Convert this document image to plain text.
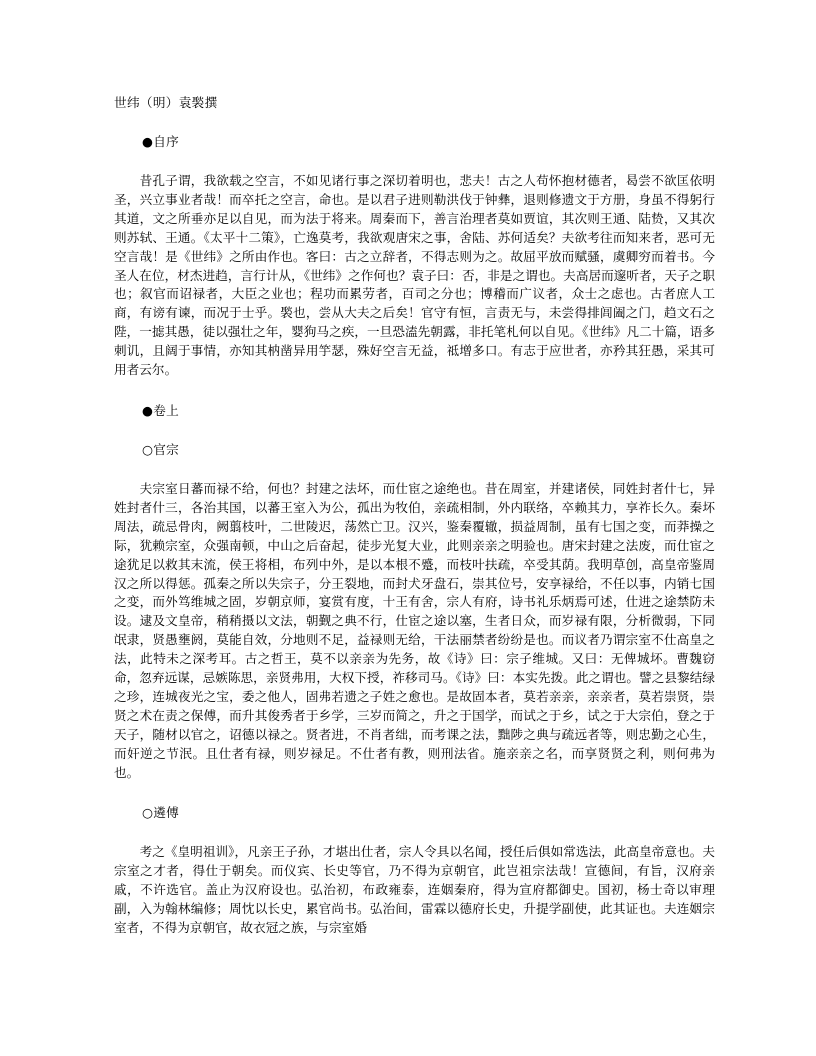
世纬（明）袁褧撰
●自序

昔孔子谓，我欲载之空言，不如见诸行事之深切着明也，悲夫！古之人苟怀抱材德者，曷尝不欲匡依明圣，兴立事业者哉！而卒托之空言，命也。是以君子进则勒洪伐于钟彝，退则修遗文于方册，身虽不得躬行其道，文之所垂亦足以自见，而为法于将来。周秦而下，善言治理者莫如贾谊，其次则王通、陆贽，又其次则苏轼、王通。《太平十二策》，亡逸莫考，我欲观唐宋之事，舍陆、苏何适矣？夫欲考往而知来者，恶可无空言哉！是《世纬》之所由作也。客曰：古之立辞者，不得志则为之。故屈平放而赋骚，虞卿穷而着书。今圣人在位，材杰进趋，言行计从，《世纬》之作何也？袁子曰：否，非是之谓也。夫高居而邃听者，天子之职也；叙官而诏禄者，大臣之业也；程功而累劳者，百司之分也；博稽而广议者，众士之虑也。古者庶人工商，有谤有谏，而况于士乎。褧也，尝从大夫之后矣！官守有恒，言责无与，未尝得排闾阖之门，趋文石之陛，一摅其愚，徒以强壮之年，婴狗马之疾，一旦恐溘先朝露，非托笔札何以自见。《世纬》凡二十篇，语多刺讥，且阔于事情，亦知其枘凿异用竽瑟，殊好空言无益，祗增多口。有志于应世者，亦矜其狂愚，采其可用者云尔。

●卷上
○官宗

夫宗室日蕃而禄不给，何也？封建之法坏，而仕宦之途绝也。昔在周室，并建诸侯，同姓封者什七，异姓封者什三，各治其国，以蕃王室入为公，孤出为牧伯，亲疏相制，外内联络，卒赖其力，享祚长久。秦坏周法，疏忌骨肉，阙翦枝叶，二世陵迟，荡然亡卫。汉兴，鉴秦覆辙，损益周制，虽有七国之变，而莽操之际，犹赖宗室，众强南顿，中山之后奋起，徒步光复大业，此则亲亲之明验也。唐宋封建之法废，而仕宦之途犹足以救其末流，侯王将相，布列中外，是以本根不蹙，而枝叶扶疏，卒受其荫。我明草创，高皇帝鉴周汉之所以得惩。孤秦之所以失宗子，分王裂地，而封犬牙盘石，崇其位号，安享禄给，不任以事，内销七国之变，而外笃维城之固，岁朝京师，宴赏有度，十王有舍，宗人有府，诗书礼乐炳焉可述，仕进之途禁防未设。逮及文皇帝，稍稍摄以文法，朝觐之典不行，仕宦之途以塞，生者日众，而岁禄有限，分析微弱，下同氓隶，贤愚壅阏，莫能自效，分地则不足，益禄则无给，干法丽禁者纷纷是也。而议者乃谓宗室不仕高皇之法，此特未之深考耳。古之哲王，莫不以亲亲为先务，故《诗》曰：宗子维城。又曰：无俾城坏。曹魏窃命，忽弃远谋，忌嫉陈思，亲贤弗用，大权下授，祚移司马。《诗》曰：本实先拨。此之谓也。譬之县黎结绿之珍，连城夜光之宝，委之他人，固弗若遗之子姓之愈也。是故固本者，莫若亲亲，亲亲者，莫若崇贤，崇贤之术在责之保傅，而升其俊秀者于乡学，三岁而简之，升之于国学，而试之于乡，试之于大宗伯，登之于天子，随材以官之，诏德以禄之。贤者进，不肖者绌，而考课之法，黜陟之典与疏远者等，则忠勤之心生，而奸逆之节泯。且仕者有禄，则岁禄足。不仕者有教，则刑法省。施亲亲之名，而享贤贤之利，则何弗为也。

○遴傅

考之《皇明祖训》，凡亲王子孙，才堪出仕者，宗人令具以名闻，授任后俱如常选法，此高皇帝意也。夫宗室之才者，得仕于朝矣。而仪宾、长史等官，乃不得为京朝官，此岂祖宗法哉！宣德间，有旨，汉府亲戚，不许选官。盖止为汉府设也。弘治初，布政雍泰，连姻秦府，得为宣府都御史。国初，杨士奇以审理副，入为翰林编修；周忱以长史，累官尚书。弘治间，雷霖以德府长史，升提学副使，此其证也。夫连姻宗室者，不得为京朝官，故衣冠之族，与宗室婚
